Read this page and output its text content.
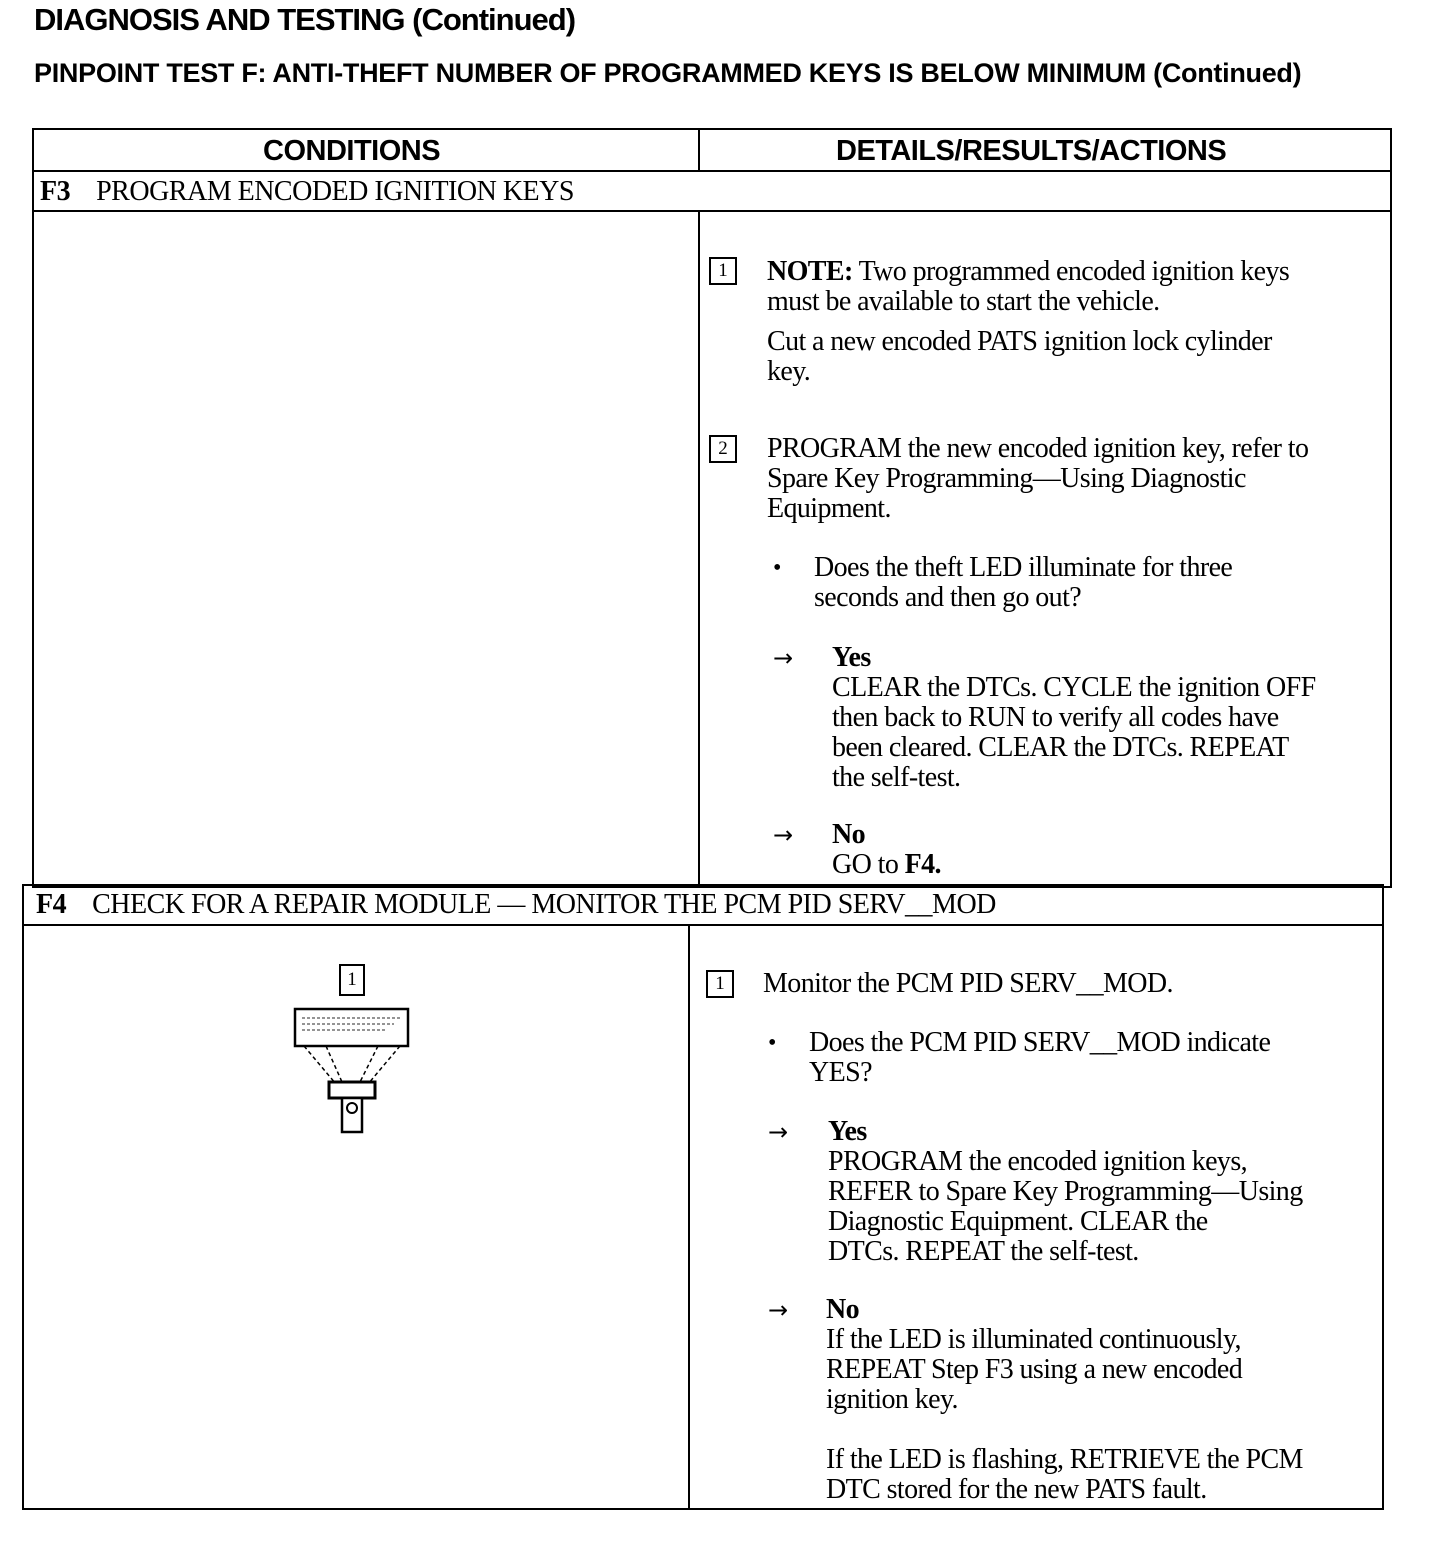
DIAGNOSIS AND TESTING (Continued)
PINPOINT TEST F: ANTI-THEFT NUMBER OF PROGRAMMED KEYS IS BELOW MINIMUM (Continued)
CONDITIONS	DETAILS/RESULTS/ACTIONS
F3 PROGRAM ENCODED IGNITION KEYS
1	NOTE: Two programmed encoded ignition keys
must be available to start the vehicle.
Cut a new encoded PATS ignition lock cylinder
key.
2	PROGRAM the new encoded ignition key, refer to
Spare Key Programming—Using Diagnostic
Equipment.
• Does the theft LED illuminate for three
seconds and then go out?
→ Yes
CLEAR the DTCs. CYCLE the ignition OFF
then back to RUN to verify all codes have
been cleared. CLEAR the DTCs. REPEAT
the self-test.
→ No
GO to F4.
F4 CHECK FOR A REPAIR MODULE — MONITOR THE PCM PID SERV__MOD
1	1	Monitor the PCM PID SERV__MOD.
• Does the PCM PID SERV__MOD indicate
YES?
→ Yes
PROGRAM the encoded ignition keys,
REFER to Spare Key Programming—Using
Diagnostic Equipment. CLEAR the
DTCs. REPEAT the self-test.
→ No
If the LED is illuminated continuously,
REPEAT Step F3 using a new encoded
ignition key.
If the LED is flashing, RETRIEVE the PCM
DTC stored for the new PATS fault.
